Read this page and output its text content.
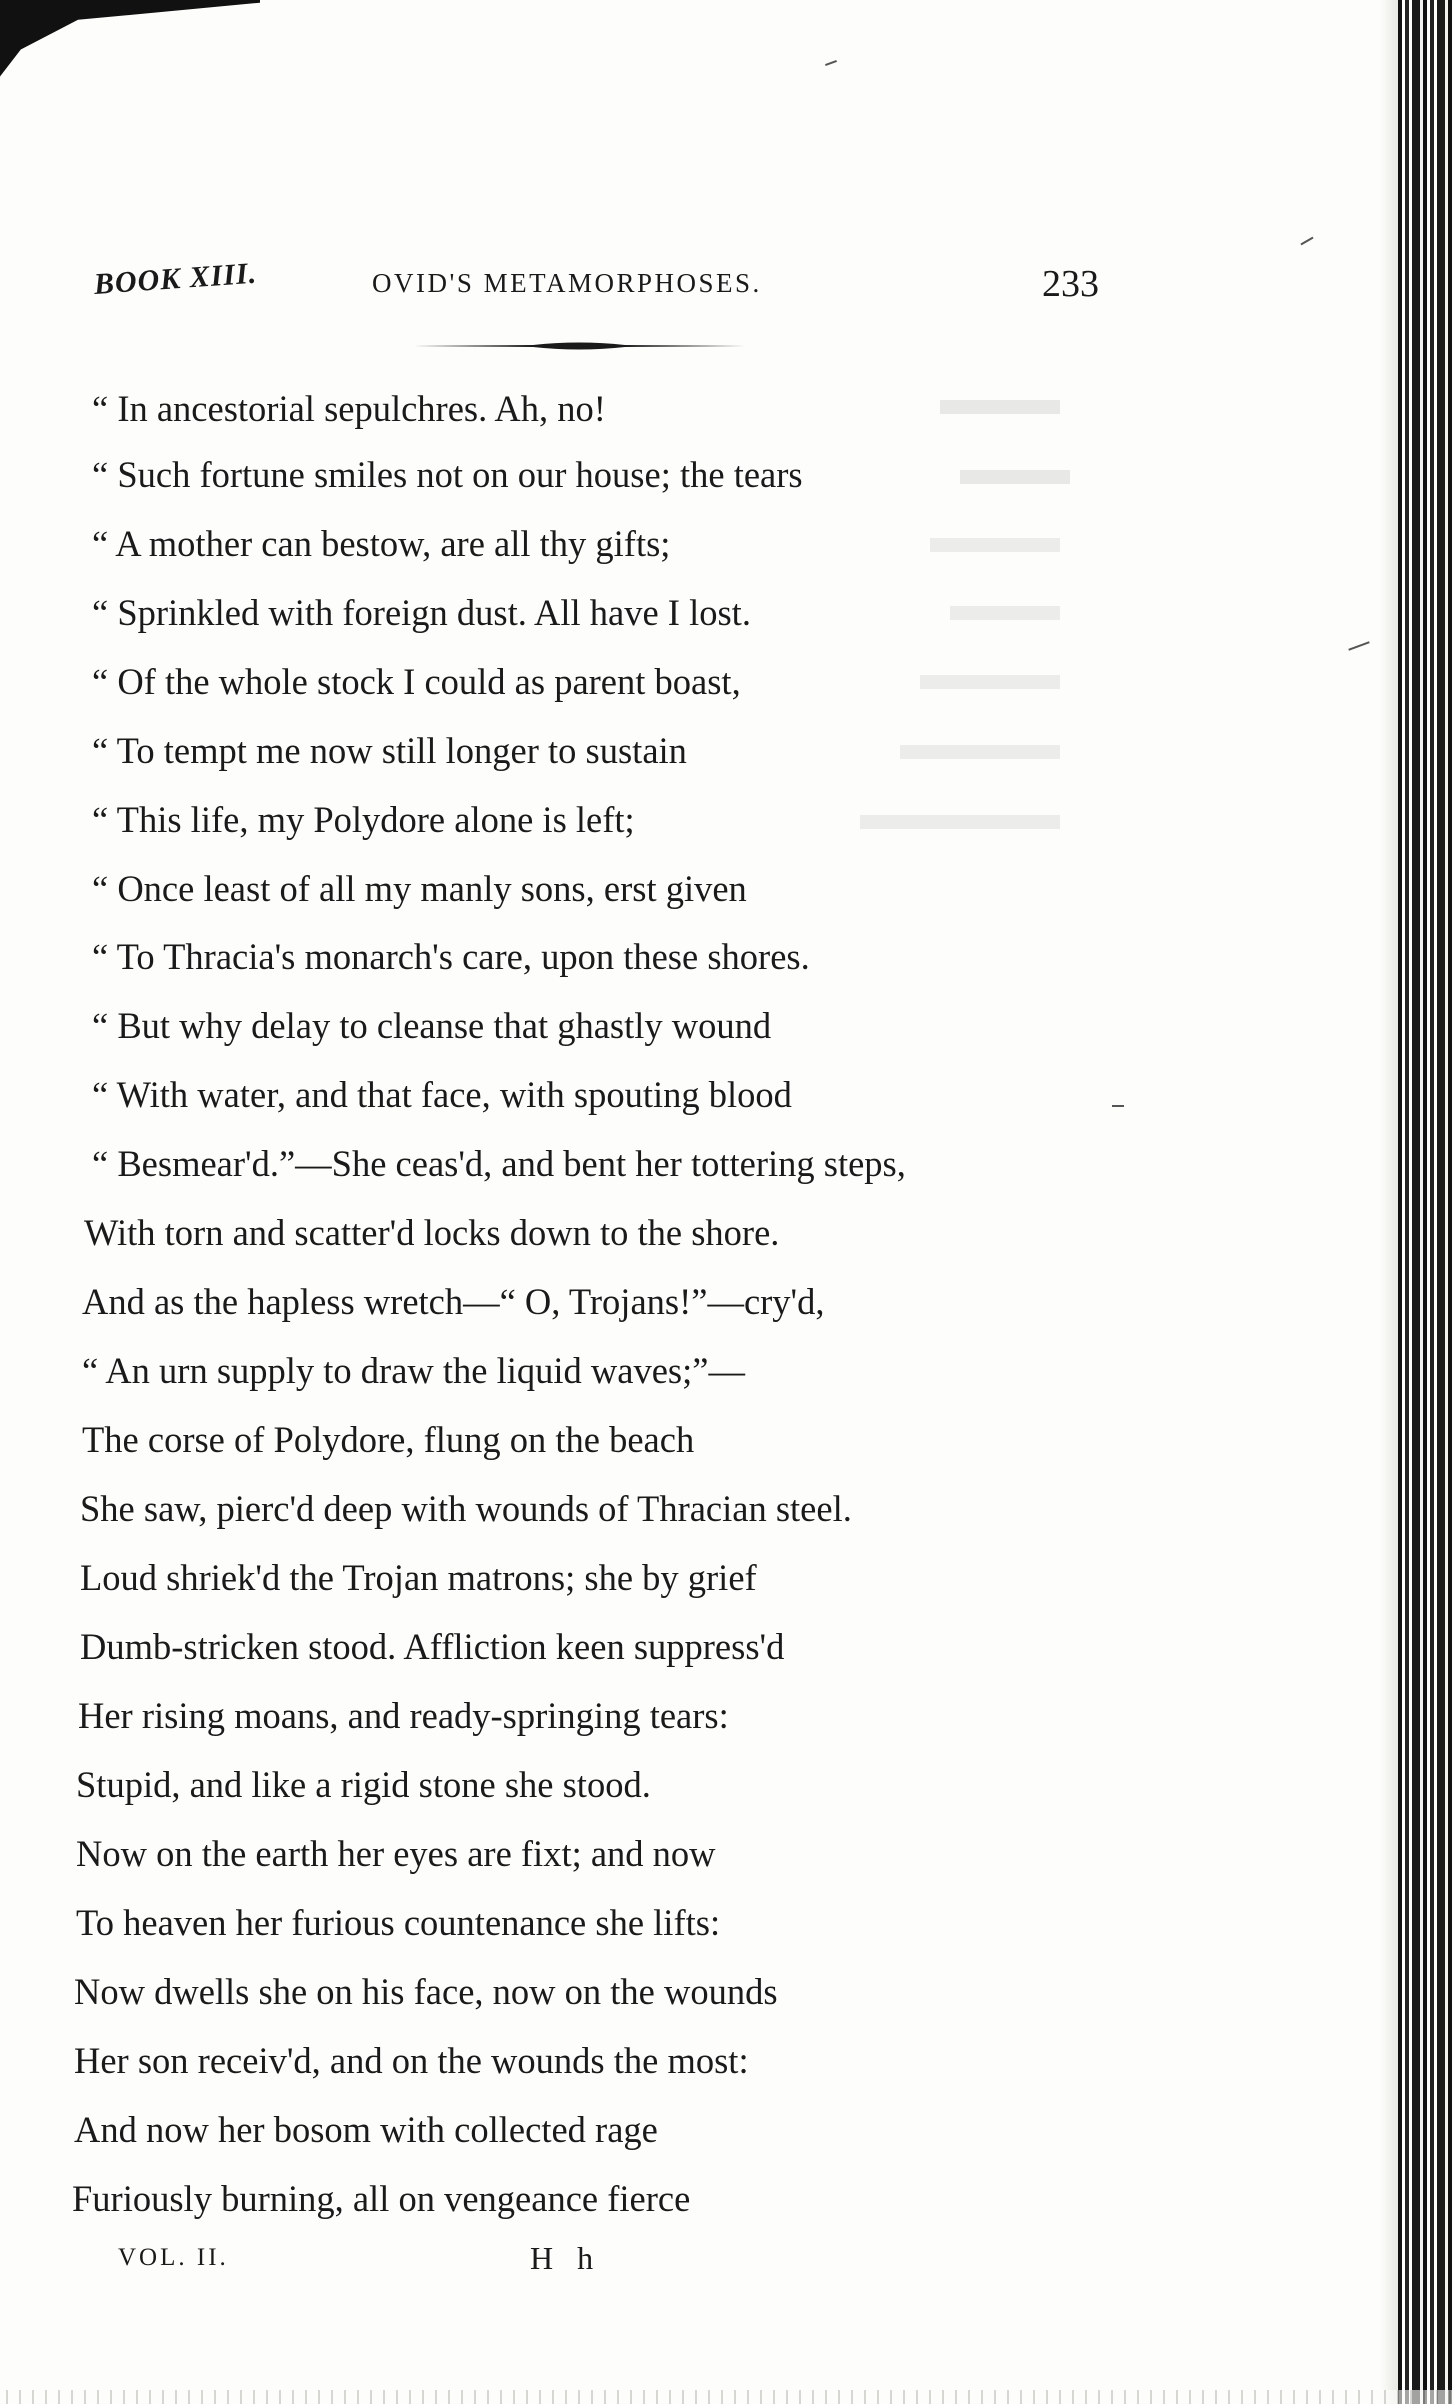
BOOK XIII.	OVID'S METAMORPHOSES.	233
“ In ancestorial sepulchres. Ah, no!
“ Such fortune smiles not on our house; the tears
“ A mother can bestow, are all thy gifts;
“ Sprinkled with foreign dust. All have I lost.
“ Of the whole stock I could as parent boast,
“ To tempt me now still longer to sustain
“ This life, my Polydore alone is left;
“ Once least of all my manly sons, erst given
“ To Thracia's monarch's care, upon these shores.
“ But why delay to cleanse that ghastly wound
“ With water, and that face, with spouting blood
“ Besmear'd.”—She ceas'd, and bent her tottering steps,
With torn and scatter'd locks down to the shore.
And as the hapless wretch—“ O, Trojans!”—cry'd,
“ An urn supply to draw the liquid waves;”—
The corse of Polydore, flung on the beach
She saw, pierc'd deep with wounds of Thracian steel.
Loud shriek'd the Trojan matrons; she by grief
Dumb-stricken stood. Affliction keen suppress'd
Her rising moans, and ready-springing tears:
Stupid, and like a rigid stone she stood.
Now on the earth her eyes are fixt; and now
To heaven her furious countenance she lifts:
Now dwells she on his face, now on the wounds
Her son receiv'd, and on the wounds the most:
And now her bosom with collected rage
Furiously burning, all on vengeance fierce
VOL. II.	H h
